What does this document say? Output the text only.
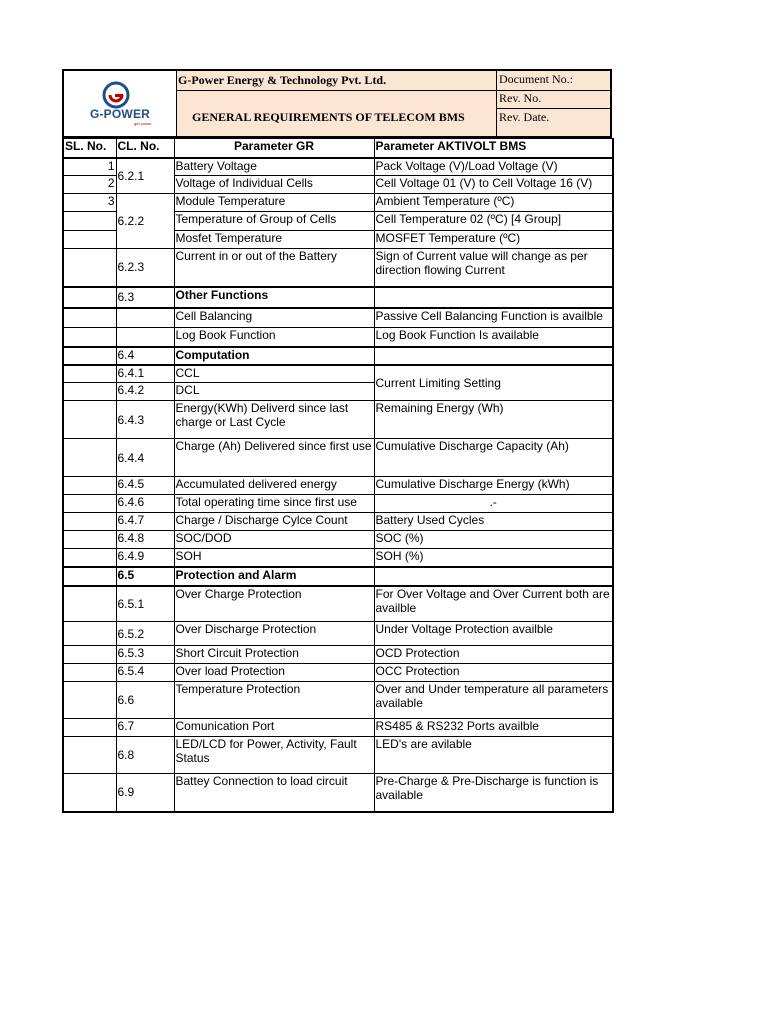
G-POWER
get power
G-Power Energy & Technology Pvt. Ltd.
GENERAL REQUIREMENTS OF TELECOM BMS
Document No.:
Rev. No.
Rev. Date.
SL. No.	CL. No.	Parameter GR	Parameter AKTIVOLT BMS
1	6.2.1	Battery Voltage	Pack Voltage (V)/Load Voltage (V)
2		Voltage of Individual Cells	Cell Voltage 01 (V) to Cell Voltage 16 (V)
3	6.2.2	Module Temperature	Ambient Temperature (ºC)
		Temperature of Group of Cells	Cell Temperature 02 (ºC) [4 Group]
		Mosfet Temperature	MOSFET Temperature (ºC)
	6.2.3	Current in or out of the Battery	Sign of Current value will change as per direction flowing Current
	6.3	Other Functions	
		Cell Balancing	Passive Cell Balancing Function is availble
		Log Book Function	Log Book Function Is available
	6.4	Computation	
	6.4.1	CCL	Current Limiting Setting
	6.4.2	DCL	
	6.4.3	Energy(KWh) Deliverd since last charge or Last Cycle	Remaining Energy (Wh)
	6.4.4	Charge (Ah) Delivered since first use	Cumulative Discharge Capacity (Ah)
	6.4.5	Accumulated delivered energy	Cumulative Discharge Energy (kWh)
	6.4.6	Total operating time since first use	.-
	6.4.7	Charge / Discharge Cylce Count	Battery Used Cycles
	6.4.8	SOC/DOD	SOC (%)
	6.4.9	SOH	SOH (%)
	6.5	Protection and Alarm	
	6.5.1	Over Charge Protection	For Over Voltage and Over Current both are availble
	6.5.2	Over Discharge Protection	Under Voltage Protection availble
	6.5.3	Short Circuit Protection	OCD Protection
	6.5.4	Over load Protection	OCC Protection
	6.6	Temperature Protection	Over and Under temperature all parameters available
	6.7	Comunication Port	RS485 & RS232 Ports availble
	6.8	LED/LCD for Power, Activity, Fault Status	LED's are avilable
	6.9	Battey Connection to load circuit	Pre-Charge & Pre-Discharge is function is available
